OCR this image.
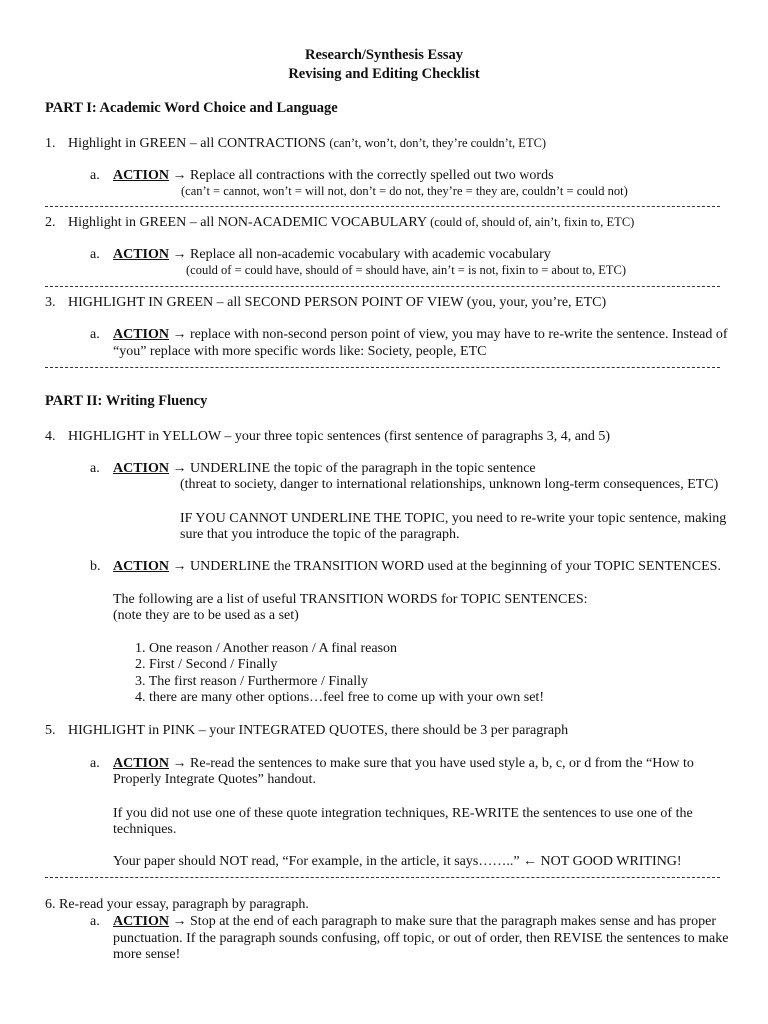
Research/Synthesis Essay
Revising and Editing Checklist
PART I: Academic Word Choice and Language
1. Highlight in GREEN – all CONTRACTIONS (can’t, won’t, don’t, they’re couldn’t, ETC)
a. ACTION → Replace all contractions with the correctly spelled out two words
(can’t = cannot, won’t = will not, don’t = do not, they’re = they are, couldn’t = could not)
2. Highlight in GREEN – all NON-ACADEMIC VOCABULARY (could of, should of, ain’t, fixin to, ETC)
a. ACTION → Replace all non-academic vocabulary with academic vocabulary
(could of = could have, should of = should have, ain’t = is not, fixin to = about to, ETC)
3. HIGHLIGHT IN GREEN – all SECOND PERSON POINT OF VIEW (you, your, you’re, ETC)
a. ACTION → replace with non-second person point of view, you may have to re-write the sentence. Instead of
“you” replace with more specific words like: Society, people, ETC
PART II: Writing Fluency
4. HIGHLIGHT in YELLOW – your three topic sentences (first sentence of paragraphs 3, 4, and 5)
a. ACTION → UNDERLINE the topic of the paragraph in the topic sentence
(threat to society, danger to international relationships, unknown long-term consequences, ETC)
IF YOU CANNOT UNDERLINE THE TOPIC, you need to re-write your topic sentence, making
sure that you introduce the topic of the paragraph.
b. ACTION → UNDERLINE the TRANSITION WORD used at the beginning of your TOPIC SENTENCES.
The following are a list of useful TRANSITION WORDS for TOPIC SENTENCES:
(note they are to be used as a set)
1. One reason / Another reason / A final reason
2. First / Second / Finally
3. The first reason / Furthermore / Finally
4. there are many other options…feel free to come up with your own set!
5. HIGHLIGHT in PINK – your INTEGRATED QUOTES, there should be 3 per paragraph
a. ACTION → Re-read the sentences to make sure that you have used style a, b, c, or d from the “How to
Properly Integrate Quotes” handout.
If you did not use one of these quote integration techniques, RE-WRITE the sentences to use one of the
techniques.
Your paper should NOT read, “For example, in the article, it says……..” ← NOT GOOD WRITING!
6. Re-read your essay, paragraph by paragraph.
a. ACTION → Stop at the end of each paragraph to make sure that the paragraph makes sense and has proper
punctuation. If the paragraph sounds confusing, off topic, or out of order, then REVISE the sentences to make
more sense!
